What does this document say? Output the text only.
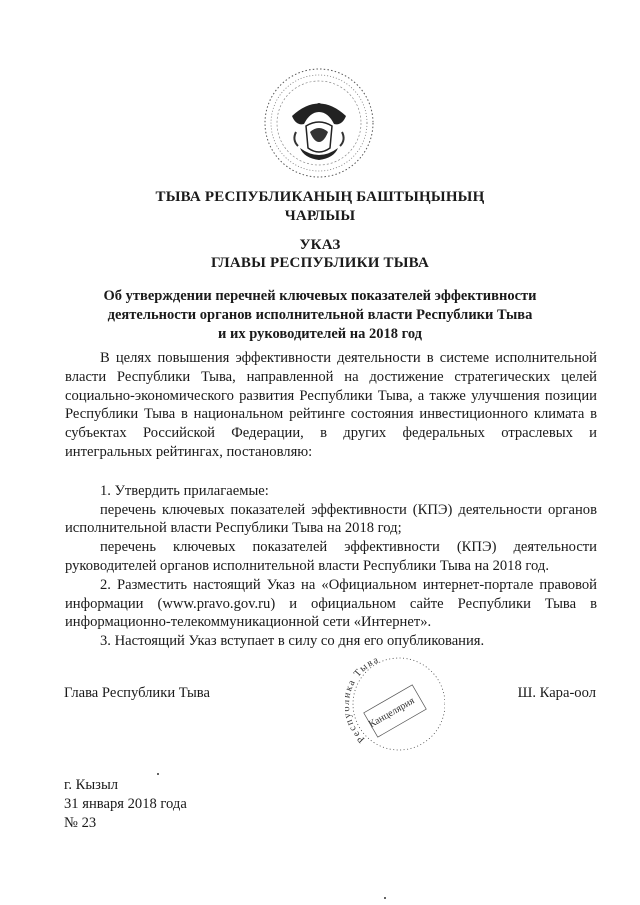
ТЫВА РЕСПУБЛИКАНЫҢ БАШТЫҢЫНЫҢ
ЧАРЛЫЫ
УКАЗ
ГЛАВЫ РЕСПУБЛИКИ ТЫВА
Об утверждении перечней ключевых показателей эффективности
деятельности органов исполнительной власти Республики Тыва
и их руководителей на 2018 год

В целях повышения эффективности деятельности в системе исполнительной власти Республики Тыва, направленной на достижение стратегических целей социально-экономического развития Республики Тыва, а также улучшения позиции Республики Тыва в национальном рейтинге состояния инвестиционного климата в субъектах Российской Федерации, в других федеральных отраслевых и интегральных рейтингах, постановляю:

1. Утвердить прилагаемые:

перечень ключевых показателей эффективности (КПЭ) деятельности органов исполнительной власти Республики Тыва на 2018 год;

перечень ключевых показателей эффективности (КПЭ) деятельности руководителей органов исполнительной власти Республики Тыва на 2018 год.

2. Разместить настоящий Указ на «Официальном интернет-портале правовой информации (www.pravo.gov.ru) и официальном сайте Республики Тыва в информационно-телекоммуникационной сети «Интернет».

3. Настоящий Указ вступает в силу со дня его опубликования.

Глава Республики Тыва	Ш. Кара-оол
Рес а Тыва
Канцелярия
г. Кызыл
31 января 2018 года
№ 23
